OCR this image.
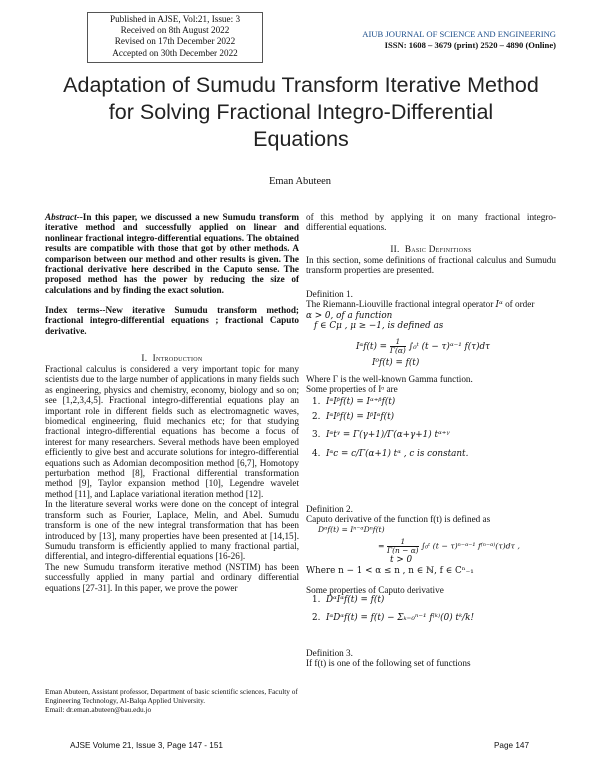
Published in AJSE, Vol:21, Issue: 3
Received on 8th August 2022
Revised on 17th December 2022
Accepted on 30th December 2022
AIUB JOURNAL OF SCIENCE AND ENGINEERING
ISSN: 1608 – 3679 (print) 2520 – 4890 (Online)
Adaptation of Sumudu Transform Iterative Method for Solving Fractional Integro-Differential Equations
Eman Abuteen

Abstract--In this paper, we discussed a new Sumudu transform iterative method and successfully applied on linear and nonlinear fractional integro-differential equations. The obtained results are compatible with those that got by other methods. A comparison between our method and other results is given. The fractional derivative here described in the Caputo sense. The proposed method has the power by reducing the size of calculations and by finding the exact solution.

Index terms--New iterative Sumudu transform method; fractional integro-differential equations ; fractional Caputo derivative.

I. Introduction

Fractional calculus is considered a very important topic for many scientists due to the large number of applications in many fields such as engineering, physics and chemistry, economy, biology and so on; see [1,2,3,4,5]. Fractional integro-differential equations play an important role in different fields such as electromagnetic waves, biomedical engineering, fluid mechanics etc; for that studying fractional integro-differential equations has become a focus of interest for many researchers. Several methods have been employed efficiently to give best and accurate solutions for integro-differential equations such as Adomian decomposition method [6,7], Homotopy perturbation method [8], Fractional differential transformation method [9], Taylor expansion method [10], Legendre wavelet method [11], and Laplace variational iteration method [12].

In the literature several works were done on the concept of integral transform such as Fourier, Laplace, Melin, and Abel. Sumudu transform is one of the new integral transformation that has been introduced by [13], many properties have been presented at [14,15]. Sumudu transform is efficiently applied to many fractional partial, differential, and integro-differential equations [16-26].

The new Sumudu transform iterative method (NSTIM) has been successfully applied in many partial and ordinary differential equations [27-31]. In this paper, we prove the power

Eman Abuteen, Assistant professor, Department of basic scientific sciences, Faculty of Engineering Technology, Al-Balqa Applied University.
Email: dr.eman.abuteen@bau.edu.jo

of this method by applying it on many fractional integro-differential equations.

II. Basic Definitions

In this section, some definitions of fractional calculus and Sumudu transform properties are presented.

Definition 1.

The Riemann-Liouville fractional integral operator Iᵅ of order

α > 0, of a function

f ∈ Cμ , μ ≥ −1, is defined as

Iᵅf(t) = $\frac{1}{\Gamma(\alpha)}$ ∫₀ᵗ (t − τ)ᵅ⁻¹ f(τ)dτ
I⁰f(t) = f(t)

Where Γ is the well-known Gamma function.

Some properties of Iᵅ are

1. IᵅIᵝf(t) = Iᵅ⁺ᵝf(t)
2. IᵅIᵝf(t) = IᵝIᵅf(t)
3. Iᵅtᵞ = Γ(γ+1)/Γ(α+γ+1) tᵅ⁺ᵞ
4. Iᵅc = c/Γ(α+1) tᵅ , c is constant.

Definition 2.

Caputo derivative of the function f(t) is defined as

Dᵅf(t) = Iⁿ⁻ᵅDⁿf(t)
= $\frac{1}{\Gamma(n - \alpha)}$ ∫₀ᵗ (t − τ)ⁿ⁻ᵅ⁻¹ f⁽ⁿ⁻ᵅ⁾(τ)dτ ,
t > 0

Where n − 1 < α ≤ n , n ∈ ℕ, f ∈ Cⁿ₋₁

Some properties of Caputo derivative

1. DᵅIᵅf(t) = f(t)
2. IᵅDᵅf(t) = f(t) − Σₖ₌₀ⁿ⁻¹ f⁽ᵏ⁾(0) tᵏ/k!

Definition 3.

If f(t) is one of the following set of functions

AJSE Volume 21, Issue 3, Page 147 - 151	Page 147
